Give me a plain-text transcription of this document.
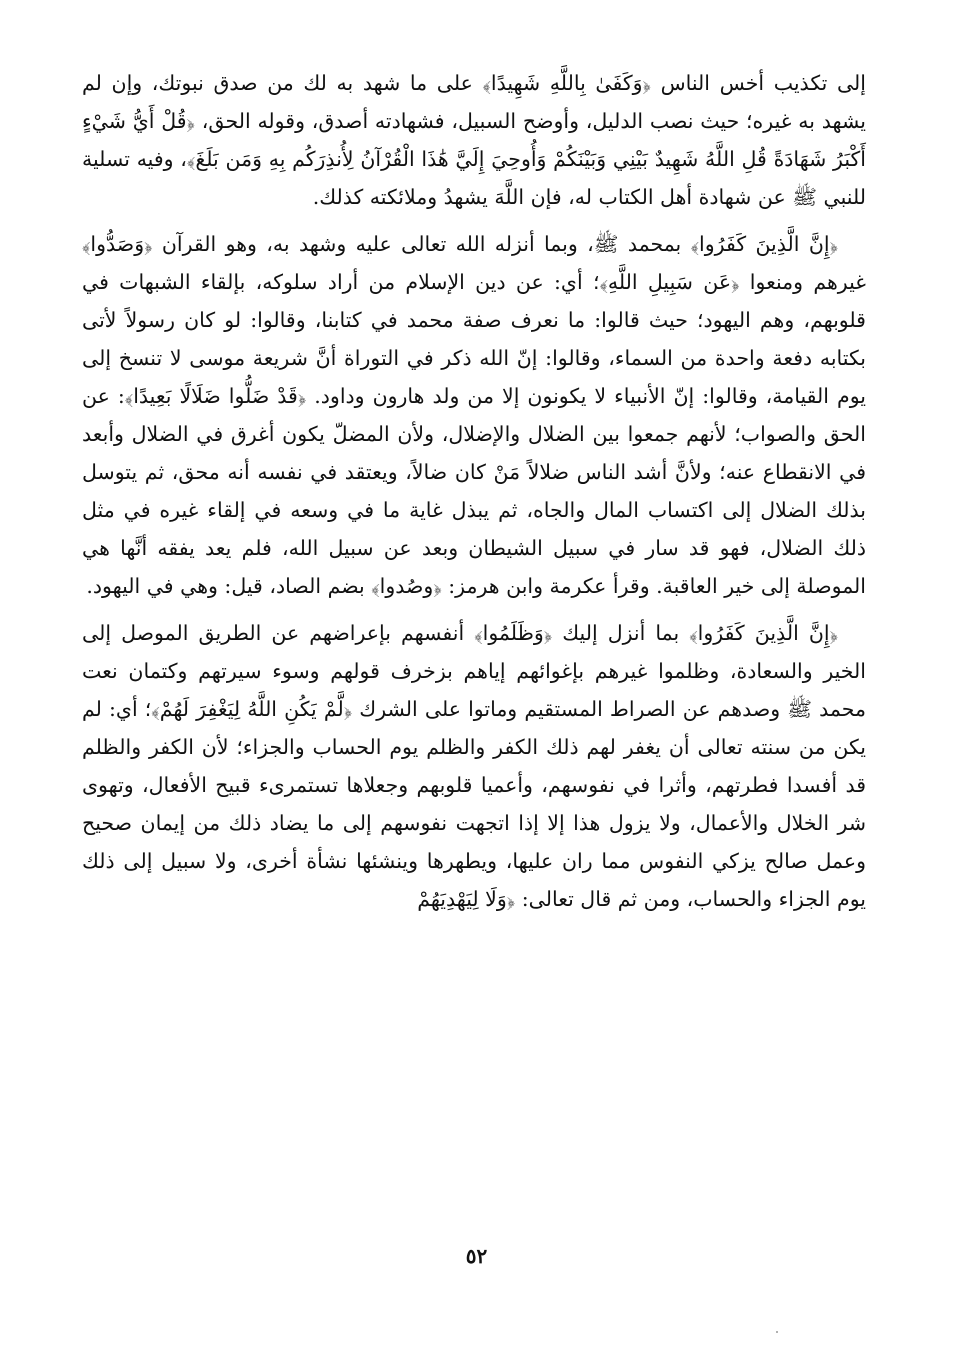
إلى تكذيب أخس الناس ﴿وَكَفَىٰ بِاللَّهِ شَهِيدًا﴾ على ما شهد به لك من صدق نبوتك، وإن لم يشهد به غيره؛ حيث نصب الدليل، وأوضح السبيل، فشهادته أصدق، وقوله الحق، ﴿قُلْ أَيُّ شَيْءٍ أَكْبَرُ شَهَادَةً قُلِ اللَّهُ شَهِيدٌ بَيْنِي وَبَيْنَكُمْ وَأُوحِيَ إِلَيَّ هَٰذَا الْقُرْآنُ لِأُنذِرَكُم بِهِ وَمَن بَلَغَ﴾، وفيه تسلية للنبي ﷺ عن شهادة أهل الكتاب له، فإن اللَّهَ يشهدُ وملائكته كذلك.

﴿إِنَّ الَّذِينَ كَفَرُوا﴾ بمحمد ﷺ، وبما أنزله الله تعالى عليه وشهد به، وهو القرآن ﴿وَصَدُّوا﴾ غيرهم ومنعوا ﴿عَن سَبِيلِ اللَّهِ﴾؛ أي: عن دين الإسلام من أراد سلوكه، بإلقاء الشبهات في قلوبهم، وهم اليهود؛ حيث قالوا: ما نعرف صفة محمد في كتابنا، وقالوا: لو كان رسولاً لأتى بكتابه دفعة واحدة من السماء، وقالوا: إنّ الله ذكر في التوراة أنَّ شريعة موسى لا تنسخ إلى يوم القيامة، وقالوا: إنّ الأنبياء لا يكونون إلا من ولد هارون وداود. ﴿قَدْ ضَلُّوا ضَلَالًا بَعِيدًا﴾: عن الحق والصواب؛ لأنهم جمعوا بين الضلال والإضلال، ولأن المضلّ يكون أغرق في الضلال وأبعد في الانقطاع عنه؛ ولأنَّ أشد الناس ضلالاً مَنْ كان ضالاً، ويعتقد في نفسه أنه محق، ثم يتوسل بذلك الضلال إلى اكتساب المال والجاه، ثم يبذل غاية ما في وسعه في إلقاء غيره في مثل ذلك الضلال، فهو قد سار في سبيل الشيطان وبعد عن سبيل الله، فلم يعد يفقه أنَّها هي الموصلة إلى خير العاقبة. وقرأ عكرمة وابن هرمز: ﴿وصُدوا﴾ بضم الصاد، قيل: وهي في اليهود.

﴿إِنَّ الَّذِينَ كَفَرُوا﴾ بما أنزل إليك ﴿وَظَلَمُوا﴾ أنفسهم بإعراضهم عن الطريق الموصل إلى الخير والسعادة، وظلموا غيرهم بإغوائهم إياهم بزخرف قولهم وسوء سيرتهم وكتمان نعت محمد ﷺ وصدهم عن الصراط المستقيم وماتوا على الشرك ﴿لَّمْ يَكُنِ اللَّهُ لِيَغْفِرَ لَهُمْ﴾؛ أي: لم يكن من سنته تعالى أن يغفر لهم ذلك الكفر والظلم يوم الحساب والجزاء؛ لأن الكفر والظلم قد أفسدا فطرتهم، وأثرا في نفوسهم، وأعميا قلوبهم وجعلاها تستمرىء قبيح الأفعال، وتهوى شر الخلال والأعمال، ولا يزول هذا إلا إذا اتجهت نفوسهم إلى ما يضاد ذلك من إيمان صحيح وعمل صالح يزكي النفوس مما ران عليها، ويطهرها وينشئها نشأة أخرى، ولا سبيل إلى ذلك يوم الجزاء والحساب، ومن ثم قال تعالى: ﴿وَلَا لِيَهْدِيَهُمْ

٥٢
